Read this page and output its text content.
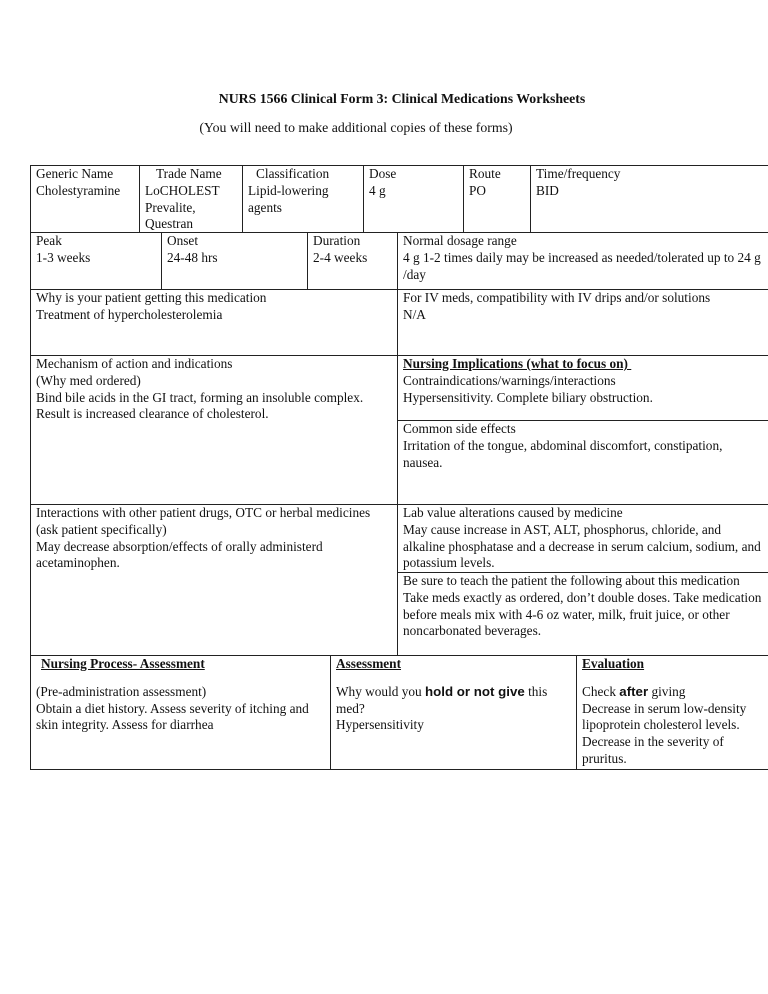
NURS 1566 Clinical Form 3: Clinical Medications Worksheets
(You will need to make additional copies of these forms)
Generic Name
Cholestyramine
Trade Name
LoCHOLEST Prevalite, Questran
Classification
Lipid-lowering agents
Dose
4 g
Route
PO
Time/frequency
BID
Peak
1-3 weeks
Onset
24-48 hrs
Duration
2-4 weeks
Normal dosage range
4 g 1-2 times daily may be increased as needed/tolerated up to 24 g /day
Why is your patient getting this medication
Treatment of hypercholesterolemia
For IV meds, compatibility with IV drips and/or solutions
N/A
Mechanism of action and indications
(Why med ordered)
Bind bile acids in the GI tract, forming an insoluble complex. Result is increased clearance of cholesterol.
Nursing Implications (what to focus on)
Contraindications/warnings/interactions
Hypersensitivity. Complete biliary obstruction.
Common side effects
Irritation of the tongue, abdominal discomfort, constipation, nausea.
Interactions with other patient drugs, OTC or herbal medicines (ask patient specifically)
May decrease absorption/effects of orally administerd acetaminophen.
Lab value alterations caused by medicine
May cause increase in AST, ALT, phosphorus, chloride, and alkaline phosphatase and a decrease in serum calcium, sodium, and potassium levels.
Be sure to teach the patient the following about this medication
Take meds exactly as ordered, don’t double doses. Take medication before meals mix with 4-6 oz water, milk, fruit juice, or other noncarbonated beverages.
Nursing Process- Assessment
(Pre-administration assessment)
Obtain a diet history. Assess severity of itching and skin integrity. Assess for diarrhea
Assessment
Why would you hold or not give this med?
Hypersensitivity
Evaluation
Check after giving
Decrease in serum low-density lipoprotein cholesterol levels.
Decrease in the severity of pruritus.
